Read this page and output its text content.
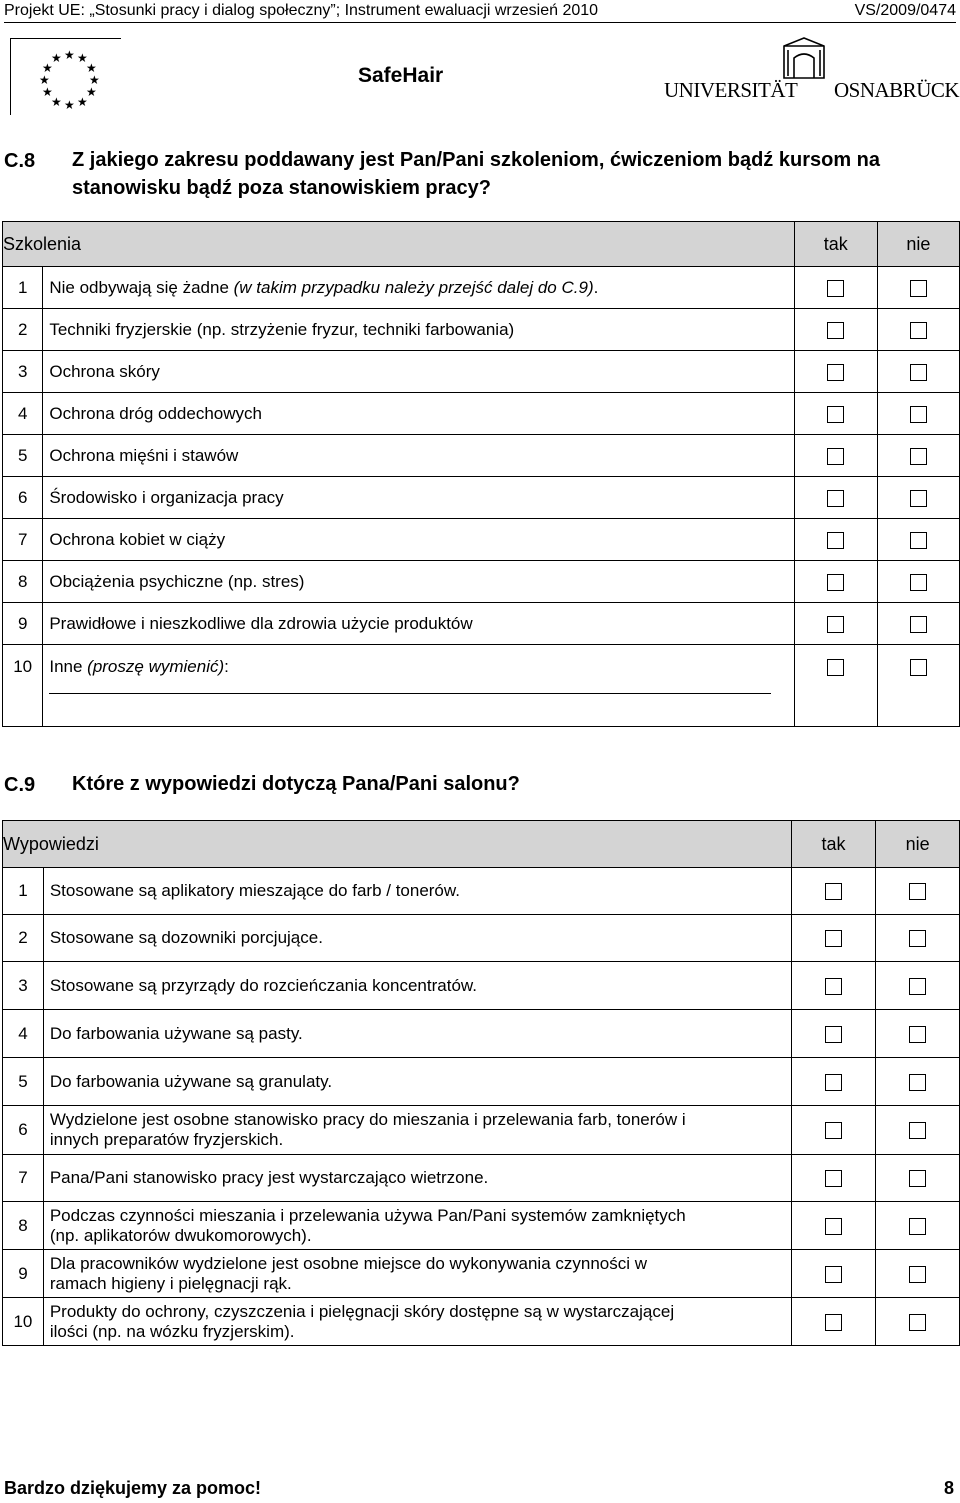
Projekt UE: „Stosunki pracy i dialog społeczny”; Instrument ewaluacji wrzesień 2010	VS/2009/0474
★ ★
★
★
★
★
★
★
★
★
★
★
SafeHair
UNIVERSITÄT OSNABRÜCK
C.8 Z jakiego zakresu poddawany jest Pan/Pani szkoleniom, ćwiczeniom bądź kursom na
stanowisku bądź poza stanowiskiem pracy?
Szkolenia		tak	nie
1	Nie odbywają się żadne (w takim przypadku należy przejść dalej do C.9).		
2	Techniki fryzjerskie (np. strzyżenie fryzur, techniki farbowania)		
3	Ochrona skóry		
4	Ochrona dróg oddechowych		
5	Ochrona mięśni i stawów		
6	Środowisko i organizacja pracy		
7	Ochrona kobiet w ciąży		
8	Obciążenia psychiczne (np. stres)		
9	Prawidłowe i nieszkodliwe dla zdrowia użycie produktów		
10	Inne (proszę wymienić):

C.9 Które z wypowiedzi dotyczą Pana/Pani salonu?
Wypowiedzi		tak	nie
1	Stosowane są aplikatory mieszające do farb / tonerów.		
2	Stosowane są dozowniki porcjujące.		
3	Stosowane są przyrządy do rozcieńczania koncentratów.		
4	Do farbowania używane są pasty.		
5	Do farbowania używane są granulaty.		
6	Wydzielone jest osobne stanowisko pracy do mieszania i przelewania farb, tonerów i
innych preparatów fryzjerskich.		

7	Pana/Pani stanowisko pracy jest wystarczająco wietrzone.		
8	Podczas czynności mieszania i przelewania używa Pan/Pani systemów zamkniętych
(np. aplikatorów dwukomorowych).		

9	Dla pracowników wydzielone jest osobne miejsce do wykonywania czynności w
ramach higieny i pielęgnacji rąk.		

10	Produkty do ochrony, czyszczenia i pielęgnacji skóry dostępne są w wystarczającej
ilości (np. na wózku fryzjerskim).		

Bardzo dziękujemy za pomoc!	8
